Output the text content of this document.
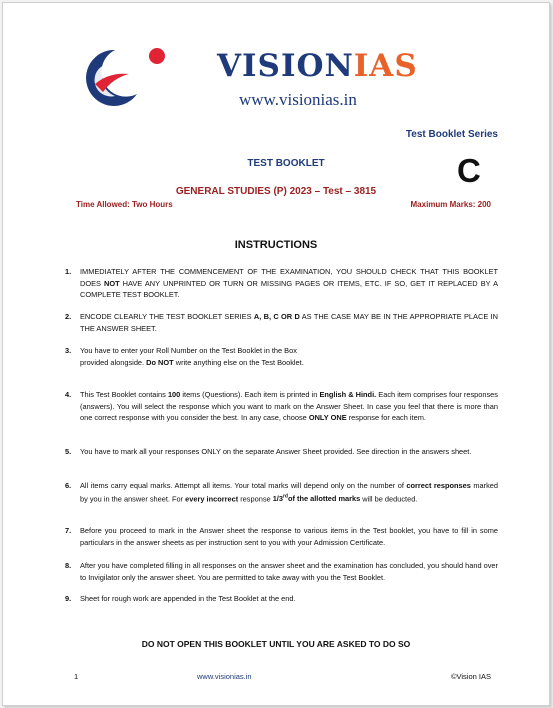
VISIONIAS
www.visionias.in
Test Booklet Series
C
TEST BOOKLET
GENERAL STUDIES (P) 2023 – Test – 3815
Time Allowed: Two Hours	Maximum Marks: 200
INSTRUCTIONS
1. IMMEDIATELY AFTER THE COMMENCEMENT OF THE EXAMINATION, YOU SHOULD CHECK THAT THIS BOOKLET DOES NOT HAVE ANY UNPRINTED OR TURN OR MISSING PAGES OR ITEMS, ETC. IF SO, GET IT REPLACED BY A COMPLETE TEST BOOKLET.
2. ENCODE CLEARLY THE TEST BOOKLET SERIES A, B, C OR D AS THE CASE MAY BE IN THE APPROPRIATE PLACE IN THE ANSWER SHEET.
3. You have to enter your Roll Number on the Test Booklet in the Box
provided alongside. Do NOT write anything else on the Test Booklet.
4. This Test Booklet contains 100 items (Questions). Each item is printed in English & Hindi. Each item comprises four responses (answers). You will select the response which you want to mark on the Answer Sheet. In case you feel that there is more than one correct response with you consider the best. In any case, choose ONLY ONE response for each item.
5. You have to mark all your responses ONLY on the separate Answer Sheet provided. See direction in the answers sheet.
6. All items carry equal marks. Attempt all items. Your total marks will depend only on the number of correct responses marked by you in the answer sheet. For every incorrect response 1/3rdof the allotted marks will be deducted.
7. Before you proceed to mark in the Answer sheet the response to various items in the Test booklet, you have to fill in some particulars in the answer sheets as per instruction sent to you with your Admission Certificate.
8. After you have completed filling in all responses on the answer sheet and the examination has concluded, you should hand over to Invigilator only the answer sheet. You are permitted to take away with you the Test Booklet.
9. Sheet for rough work are appended in the Test Booklet at the end.
DO NOT OPEN THIS BOOKLET UNTIL YOU ARE ASKED TO DO SO
1	www.visionias.in	©Vision IAS
